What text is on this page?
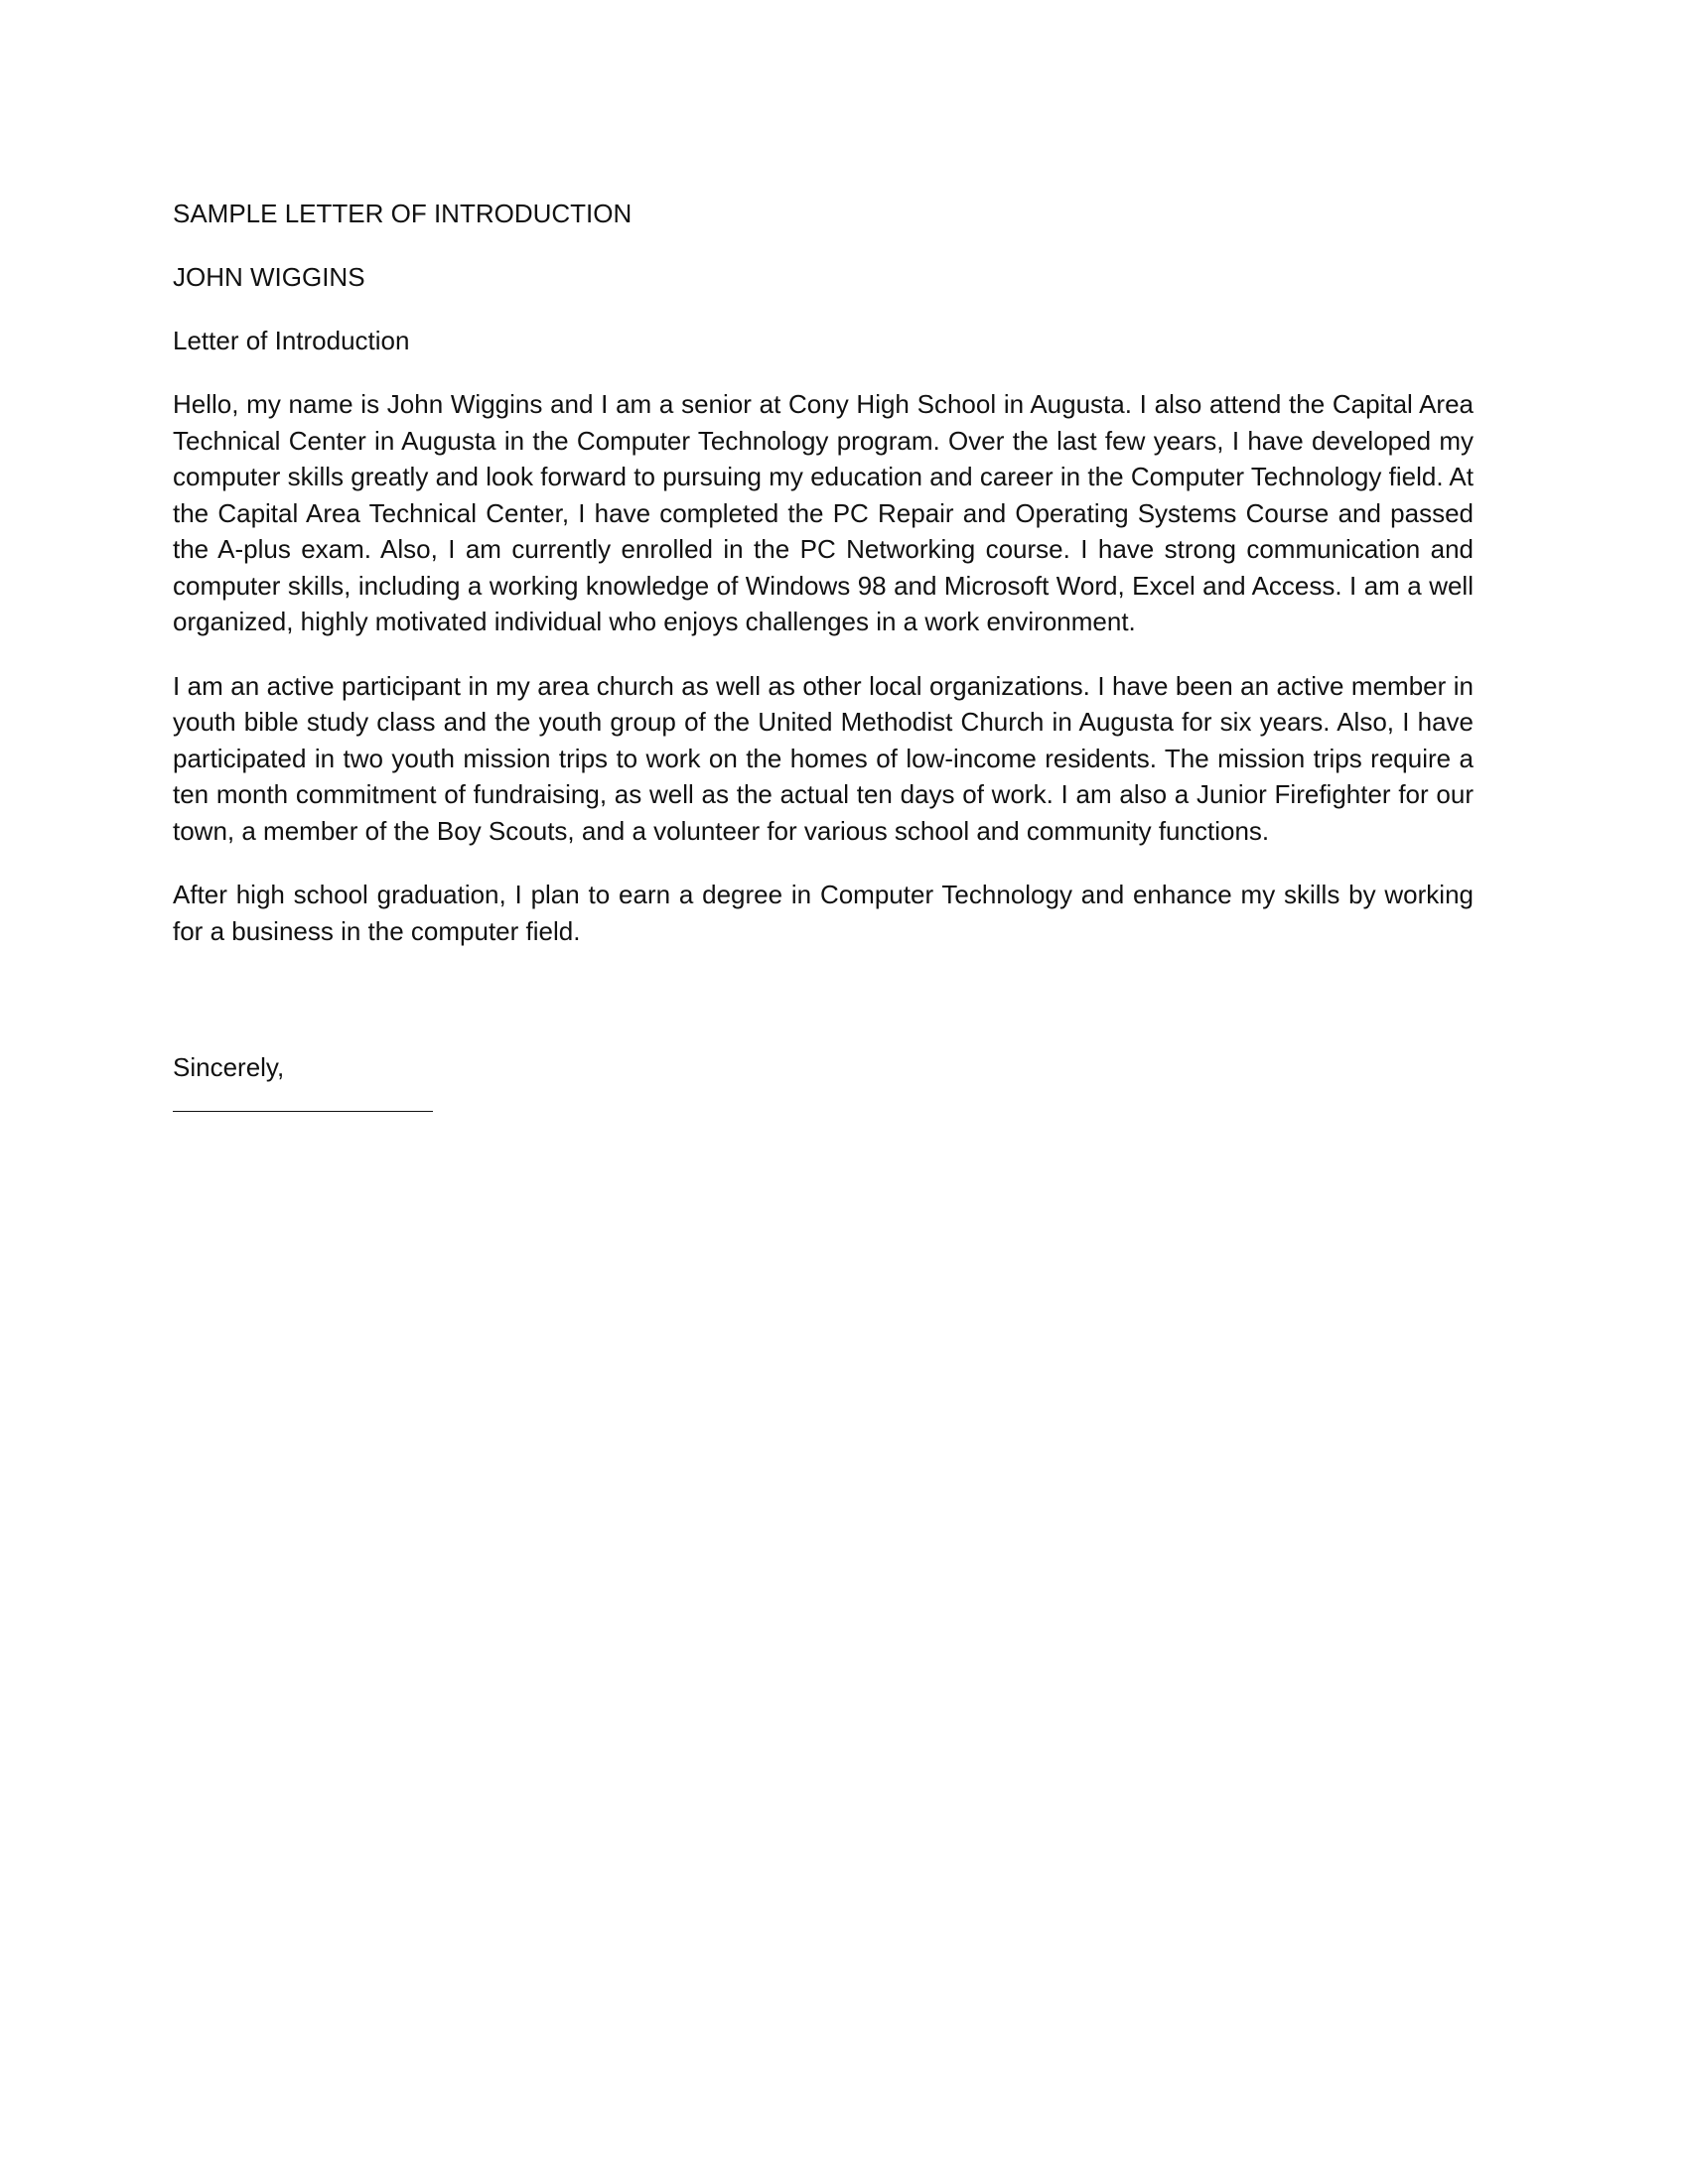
SAMPLE LETTER OF INTRODUCTION
JOHN WIGGINS
Letter of Introduction

Hello, my name is John Wiggins and I am a senior at Cony High School in Augusta. I also attend the Capital Area Technical Center in Augusta in the Computer Technology program. Over the last few years, I have developed my computer skills greatly and look forward to pursuing my education and career in the Computer Technology field. At the Capital Area Technical Center, I have completed the PC Repair and Operating Systems Course and passed the A-plus exam. Also, I am currently enrolled in the PC Networking course. I have strong communication and computer skills, including a working knowledge of Windows 98 and Microsoft Word, Excel and Access. I am a well organized, highly motivated individual who enjoys challenges in a work environment.

I am an active participant in my area church as well as other local organizations. I have been an active member in youth bible study class and the youth group of the United Methodist Church in Augusta for six years. Also, I have participated in two youth mission trips to work on the homes of low-income residents. The mission trips require a ten month commitment of fundraising, as well as the actual ten days of work. I am also a Junior Firefighter for our town, a member of the Boy Scouts, and a volunteer for various school and community functions.

After high school graduation, I plan to earn a degree in Computer Technology and enhance my skills by working for a business in the computer field.

Sincerely,
